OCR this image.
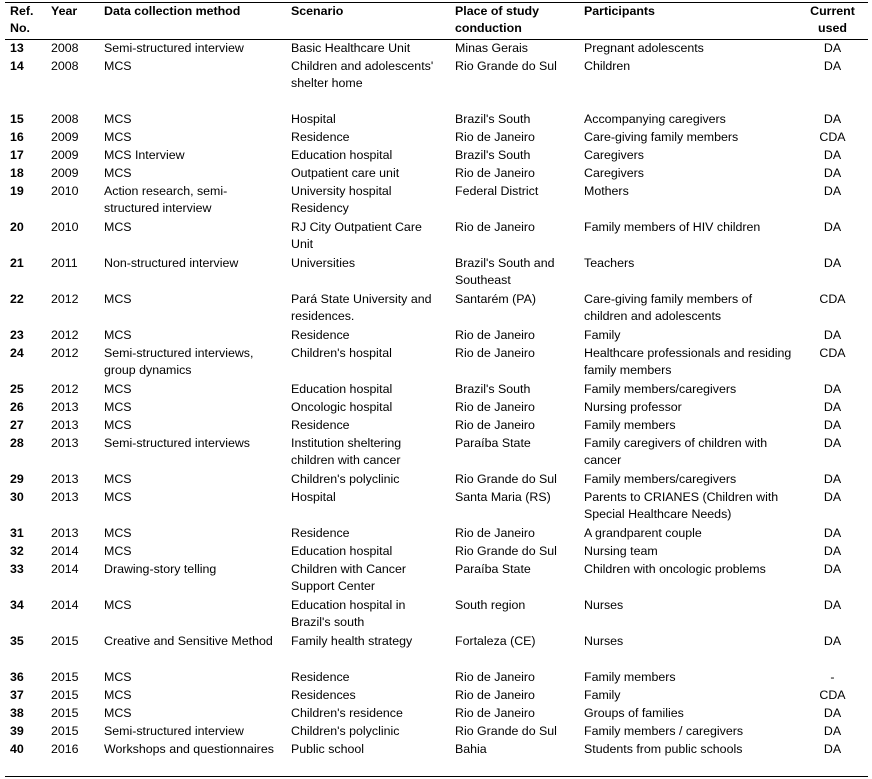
Ref. No.	Year	Data collection method	Scenario	Place of study conduction	Participants	Current used
13	2008	Semi-structured interview	Basic Healthcare Unit	Minas Gerais	Pregnant adolescents	DA
14	2008	MCS	Children and adolescents' shelter home	Rio Grande do Sul	Children	DA
15	2008	MCS	Hospital	Brazil's South	Accompanying caregivers	DA
16	2009	MCS	Residence	Rio de Janeiro	Care-giving family members	CDA
17	2009	MCS Interview	Education hospital	Brazil's South	Caregivers	DA
18	2009	MCS	Outpatient care unit	Rio de Janeiro	Caregivers	DA
19	2010	Action research, semi-structured interview	University hospital Residency	Federal District	Mothers	DA
20	2010	MCS	RJ City Outpatient Care Unit	Rio de Janeiro	Family members of HIV children	DA
21	2011	Non-structured interview	Universities	Brazil's South and Southeast	Teachers	DA
22	2012	MCS	Pará State University and residences.	Santarém (PA)	Care-giving family members of children and adolescents	CDA
23	2012	MCS	Residence	Rio de Janeiro	Family	DA
24	2012	Semi-structured interviews, group dynamics	Children's hospital	Rio de Janeiro	Healthcare professionals and residing family members	CDA
25	2012	MCS	Education hospital	Brazil's South	Family members/caregivers	DA
26	2013	MCS	Oncologic hospital	Rio de Janeiro	Nursing professor	DA
27	2013	MCS	Residence	Rio de Janeiro	Family members	DA
28	2013	Semi-structured interviews	Institution sheltering children with cancer	Paraíba State	Family caregivers of children with cancer	DA
29	2013	MCS	Children's polyclinic	Rio Grande do Sul	Family members/caregivers	DA
30	2013	MCS	Hospital	Santa Maria (RS)	Parents to CRIANES (Children with Special Healthcare Needs)	DA
31	2013	MCS	Residence	Rio de Janeiro	A grandparent couple	DA
32	2014	MCS	Education hospital	Rio Grande do Sul	Nursing team	DA
33	2014	Drawing-story telling	Children with Cancer Support Center	Paraíba State	Children with oncologic problems	DA
34	2014	MCS	Education hospital in Brazil's south	South region	Nurses	DA
35	2015	Creative and Sensitive Method	Family health strategy	Fortaleza (CE)	Nurses	DA
36	2015	MCS	Residence	Rio de Janeiro	Family members	-
37	2015	MCS	Residences	Rio de Janeiro	Family	CDA
38	2015	MCS	Children's residence	Rio de Janeiro	Groups of families	DA
39	2015	Semi-structured interview	Children's polyclinic	Rio Grande do Sul	Family members / caregivers	DA
40	2016	Workshops and questionnaires	Public school	Bahia	Students from public schools	DA
